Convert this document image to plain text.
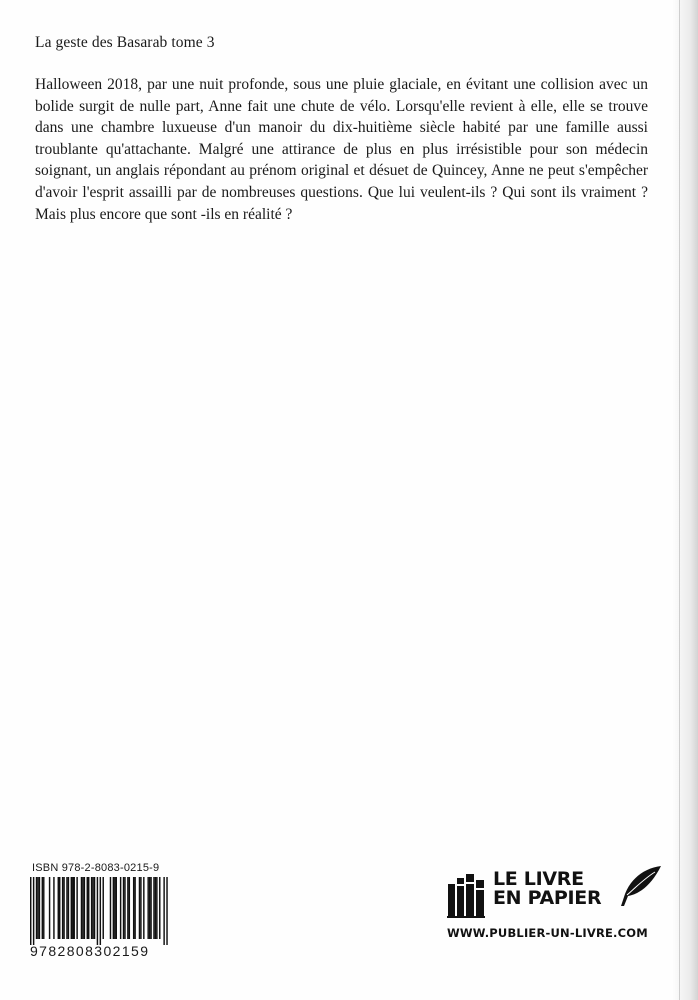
La geste des Basarab tome 3

Halloween 2018, par une nuit profonde, sous une pluie glaciale, en évitant une collision avec un bolide surgit de nulle part, Anne fait une chute de vélo. Lorsqu'elle revient à elle, elle se trouve dans une chambre luxueuse d'un manoir du dix-huitième siècle habité par une famille aussi troublante qu'attachante. Malgré une attirance de plus en plus irrésistible pour son médecin soignant, un anglais répondant au prénom original et désuet de Quincey, Anne ne peut s'empêcher d'avoir l'esprit assailli par de nombreuses questions. Que lui veulent-ils ? Qui sont ils vraiment ? Mais plus encore que sont -ils en réalité ?

ISBN 978-2-8083-0215-9
9782808302159
LE LIVRE
EN PAPIER
WWW.PUBLIER-UN-LIVRE.COM
